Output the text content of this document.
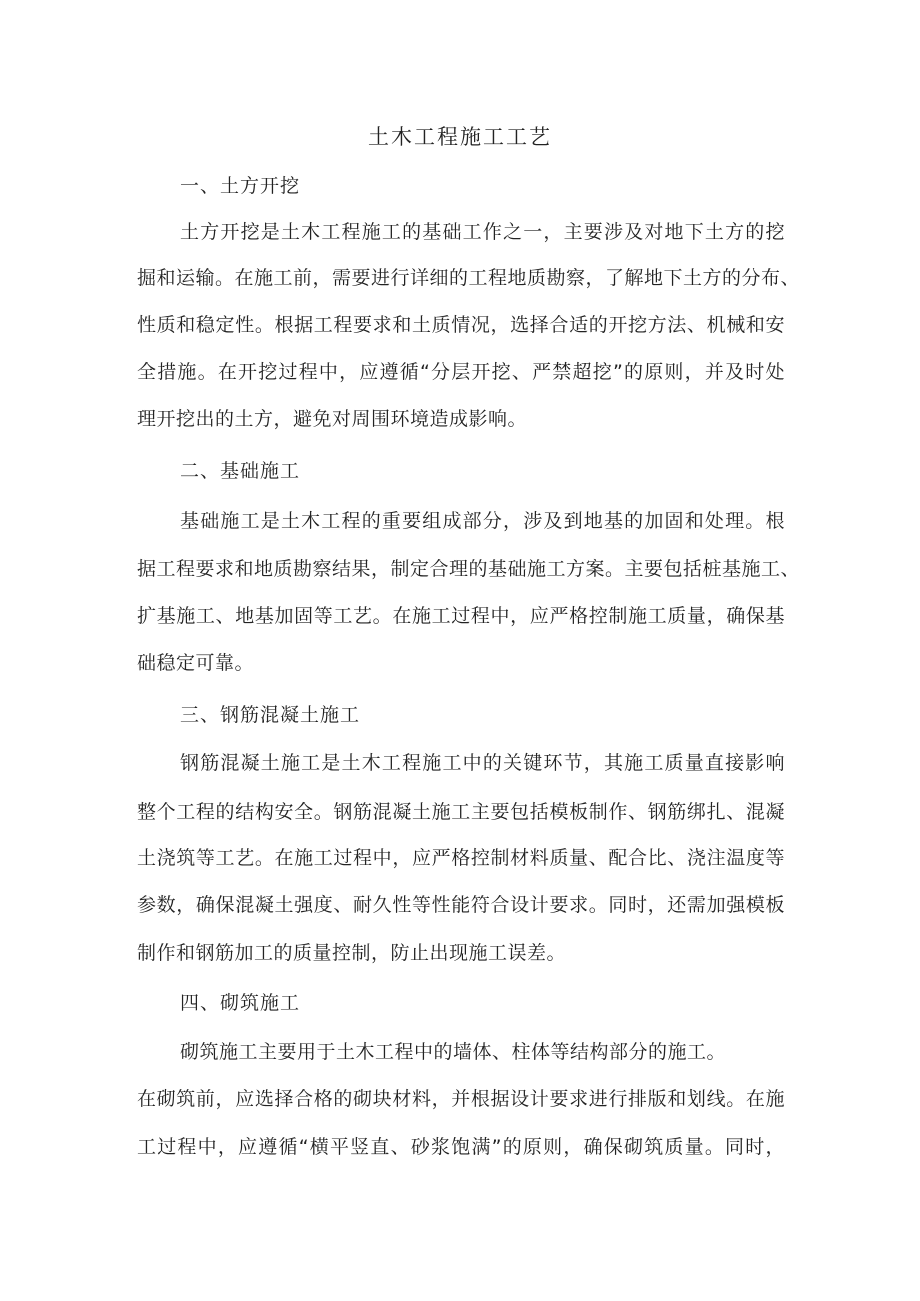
土木工程施工工艺
一、土方开挖
土方开挖是土木工程施工的基础工作之一，主要涉及对地下土方的挖
掘和运输。在施工前，需要进行详细的工程地质勘察，了解地下土方的分布、
性质和稳定性。根据工程要求和土质情况，选择合适的开挖方法、机械和安
全措施。在开挖过程中，应遵循“分层开挖、严禁超挖”的原则，并及时处
理开挖出的土方，避免对周围环境造成影响。
二、基础施工
基础施工是土木工程的重要组成部分，涉及到地基的加固和处理。根
据工程要求和地质勘察结果，制定合理的基础施工方案。主要包括桩基施工、
扩基施工、地基加固等工艺。在施工过程中，应严格控制施工质量，确保基
础稳定可靠。
三、钢筋混凝土施工
钢筋混凝土施工是土木工程施工中的关键环节，其施工质量直接影响
整个工程的结构安全。钢筋混凝土施工主要包括模板制作、钢筋绑扎、混凝
土浇筑等工艺。在施工过程中，应严格控制材料质量、配合比、浇注温度等
参数，确保混凝土强度、耐久性等性能符合设计要求。同时，还需加强模板
制作和钢筋加工的质量控制，防止出现施工误差。
四、砌筑施工
砌筑施工主要用于土木工程中的墙体、柱体等结构部分的施工。
在砌筑前，应选择合格的砌块材料，并根据设计要求进行排版和划线。在施
工过程中，应遵循“横平竖直、砂浆饱满”的原则，确保砌筑质量。同时，
